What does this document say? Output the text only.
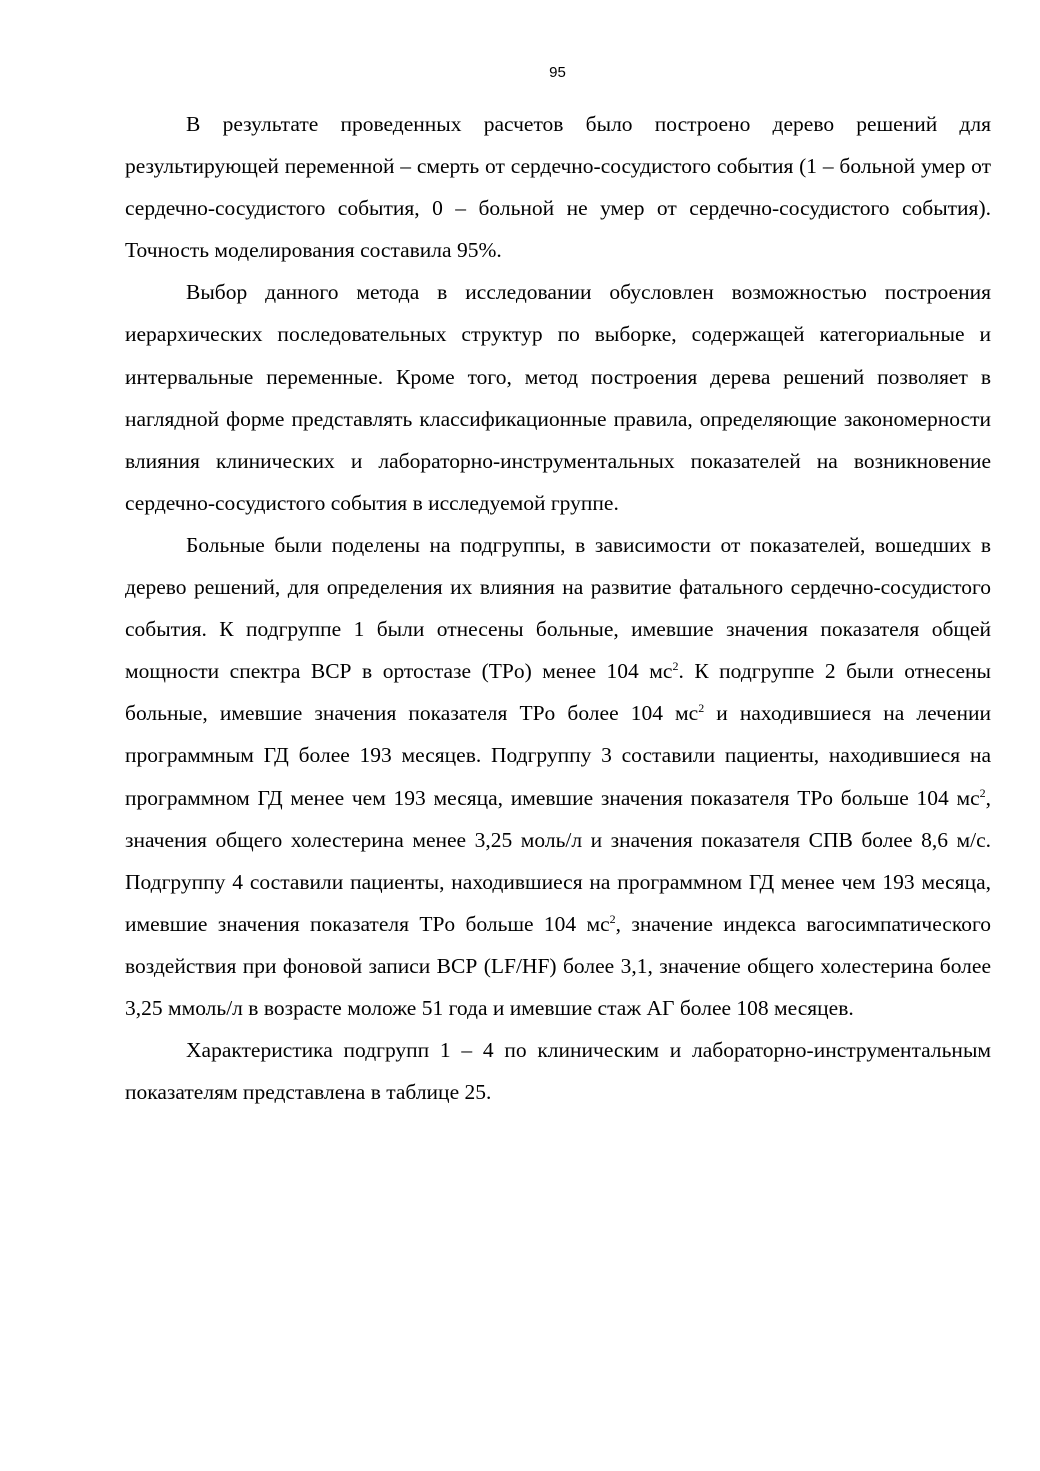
95

В результате проведенных расчетов было построено дерево решений для результирующей переменной – смерть от сердечно-сосудистого события (1 – больной умер от сердечно-сосудистого события, 0 – больной не умер от сердечно-сосудистого события). Точность моделирования составила 95%.

Выбор данного метода в исследовании обусловлен возможностью построения иерархических последовательных структур по выборке, содержащей категориальные и интервальные переменные. Кроме того, метод построения дерева решений позволяет в наглядной форме представлять классификационные правила, определяющие закономерности влияния клинических и лабораторно-инструментальных показателей на возникновение сердечно-сосудистого события в исследуемой группе.

Больные были поделены на подгруппы, в зависимости от показателей, вошедших в дерево решений, для определения их влияния на развитие фатального сердечно-сосудистого события. К подгруппе 1 были отнесены больные, имевшие значения показателя общей мощности спектра ВСР в ортостазе (TPо) менее 104 $мс^2$. К подгруппе 2 были отнесены больные, имевшие значения показателя TPо более 104 $мс^2$ и находившиеся на лечении программным ГД более 193 месяцев. Подгруппу 3 составили пациенты, находившиеся на программном ГД менее чем 193 месяца, имевшие значения показателя TPо больше 104 $мс^2$, значения общего холестерина менее 3,25 моль/л и значения показателя СПВ более 8,6 м/с. Подгруппу 4 составили пациенты, находившиеся на программном ГД менее чем 193 месяца, имевшие значения показателя TPо больше 104 $мс^2$, значение индекса вагосимпатического воздействия при фоновой записи ВСР (LF/HF) более 3,1, значение общего холестерина более 3,25 ммоль/л в возрасте моложе 51 года и имевшие стаж АГ более 108 месяцев.

Характеристика подгрупп 1 – 4 по клиническим и лабораторно-инструментальным показателям представлена в таблице 25.
